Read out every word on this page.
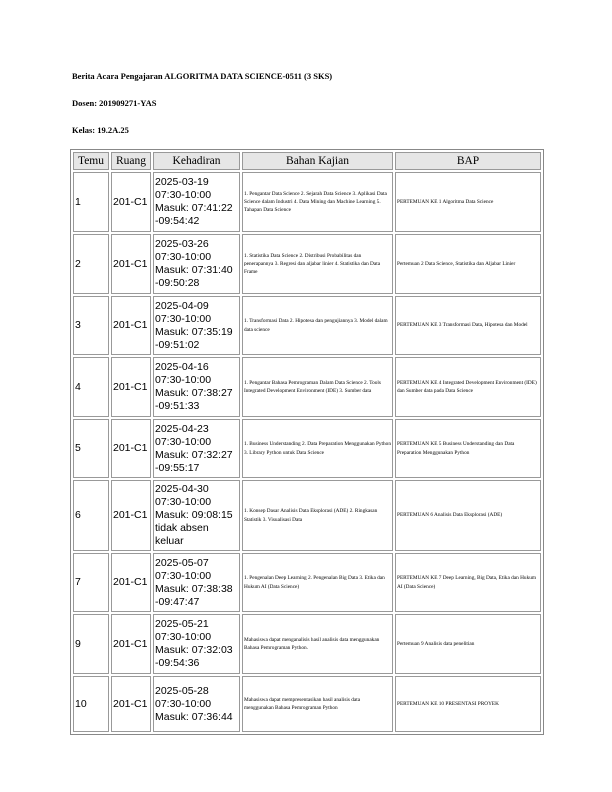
Berita Acara Pengajaran ALGORITMA DATA SCIENCE-0511 (3 SKS)
Dosen: 201909271-YAS
Kelas: 19.2A.25
Temu	Ruang	Kehadiran	Bahan Kajian	BAP
1	201-C1	2025-03-19
07:30-10:00
Masuk: 07:41:22
-09:54:42	1. Pengantar Data Science 2. Sejarah Data Science 3. Aplikasi Data Science dalam Industri 4. Data Mining dan Machine Learning 5. Tahapan Data Science	PERTEMUAN KE 1 Algoritma Data Science
2	201-C1	2025-03-26
07:30-10:00
Masuk: 07:31:40
-09:50:28	1. Statistika Data Science 2. Distribusi Probabilitas dan penerapannya 3. Regresi dan aljabar linier 4. Statistika dan Data Frame	Pertemuan 2 Data Science, Statistika dan Aljabar Linier
3	201-C1	2025-04-09
07:30-10:00
Masuk: 07:35:19
-09:51:02	1. Transformasi Data 2. Hipotesa dan pengujiannya 3. Model dalam data science	PERTEMUAN KE 3 Transformasi Data, Hipotesa dan Model
4	201-C1	2025-04-16
07:30-10:00
Masuk: 07:38:27
-09:51:33	1. Pengantar Bahasa Pemrograman Dalam Data Science 2. Tools Integrated Development Environment (IDE) 3. Sumber data	PERTEMUAN KE 4 Integrated Development Environment (IDE) dan Sumber data pada Data Science
5	201-C1	2025-04-23
07:30-10:00
Masuk: 07:32:27
-09:55:17	1. Business Understanding 2. Data Preparation Menggunakan Python 3. Library Python untuk Data Science	PERTEMUAN KE 5 Business Understanding dan Data Preparation Menggunakan Python
6	201-C1	2025-04-30
07:30-10:00
Masuk: 09:08:15
tidak absen
keluar	1. Konsep Dasar Analisis Data Eksplorasi (ADE) 2. Ringkasan Statistik 3. Visualisasi Data	PERTEMUAN 6 Analisis Data Eksplorasi (ADE)
7	201-C1	2025-05-07
07:30-10:00
Masuk: 07:38:38
-09:47:47	1. Pengenalan Deep Learning 2. Pengenalan Big Data 3. Etika dan Hukum AI (Data Science)	PERTEMUAN KE 7 Deep Learning, Big Data, Etika dan Hukum AI (Data Science)
9	201-C1	2025-05-21
07:30-10:00
Masuk: 07:32:03
-09:54:36	Mahasiswa dapat menganalisis hasil analisis data menggunakan Bahasa Pemrograman Python.	Pertemuan 9 Analisis data penelitian
10	201-C1	2025-05-28
07:30-10:00
Masuk: 07:36:44	Mahasiswa dapat mempresentasikan hasil analisis data menggunakan Bahasa Pemrograman Python	PERTEMUAN KE 10 PRESENTASI PROYEK
